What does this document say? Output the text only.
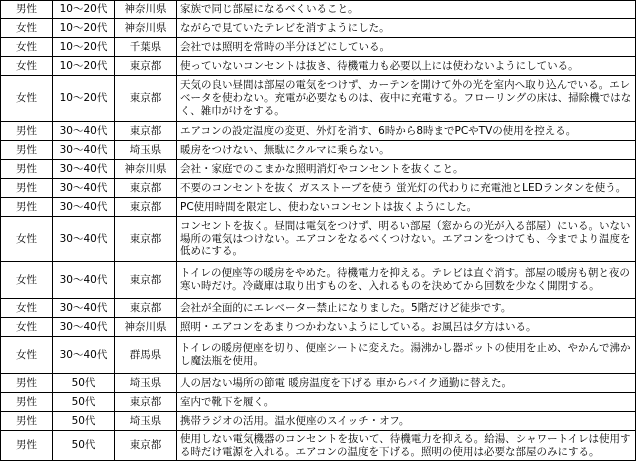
男性	10〜20代	神奈川県	家族で同じ部屋になるべくいること。
女性	10〜20代	神奈川県	ながらで見ていたテレビを消すようにした。
女性	10〜20代	千葉県	会社では照明を常時の半分ほどにしている。
女性	10〜20代	東京都	使っていないコンセントは抜き、待機電力も必要以上には使わないようにしている。
女性	10〜20代	東京都	天気の良い昼間は部屋の電気をつけず、カーテンを開けて外の光を室内へ取り込んでいる。エレベータを使わない。充電が必要なものは、夜中に充電する。フローリングの床は、掃除機ではなく、雑巾がけをする。
男性	30〜40代	東京都	エアコンの設定温度の変更、外灯を消す、6時から8時までPCやTVの使用を控える。
男性	30〜40代	埼玉県	暖房をつけない、無駄にクルマに乗らない。
男性	30〜40代	神奈川県	会社・家庭でのこまかな照明消灯やコンセントを抜くこと。
男性	30〜40代	東京都	不要のコンセントを抜く ガスストーブを使う 蛍光灯の代わりに充電池とLEDランタンを使う。
男性	30〜40代	東京都	PC使用時間を限定し、使わないコンセントは抜くようにした。
女性	30〜40代	東京都	コンセントを抜く。昼間は電気をつけず、明るい部屋（窓からの光が入る部屋）にいる。いない場所の電気はつけない。エアコンをなるべくつけない。エアコンをつけても、今までより温度を低めにする。
女性	30〜40代	東京都	トイレの便座等の暖房をやめた。待機電力を抑える。テレビは直ぐ消す。部屋の暖房も朝と夜の寒い時だけ。冷蔵庫は取り出すものを、入れるものを決めてから回数を少なく開閉する。
女性	30〜40代	東京都	会社が全面的にエレベーター禁止になりました。5階だけど徒歩です。
女性	30〜40代	神奈川県	照明・エアコンをあまりつかわないようにしている。お風呂は夕方はいる。
女性	30〜40代	群馬県	トイレの暖房便座を切り、便座シートに変えた。湯沸かし器ポットの使用を止め、やかんで沸かし魔法瓶を使用。
男性	50代	埼玉県	人の居ない場所の節電 暖房温度を下げる 車からバイク通勤に替えた。
男性	50代	東京都	室内で靴下を履く。
男性	50代	埼玉県	携帯ラジオの活用。温水便座のスイッチ・オフ。
男性	50代	東京都	使用しない電気機器のコンセントを抜いて、待機電力を抑える。給湯、シャワートイレは使用する時だけ電源を入れる。エアコンの温度を下げる。照明の使用は必要な部屋のみにする。
